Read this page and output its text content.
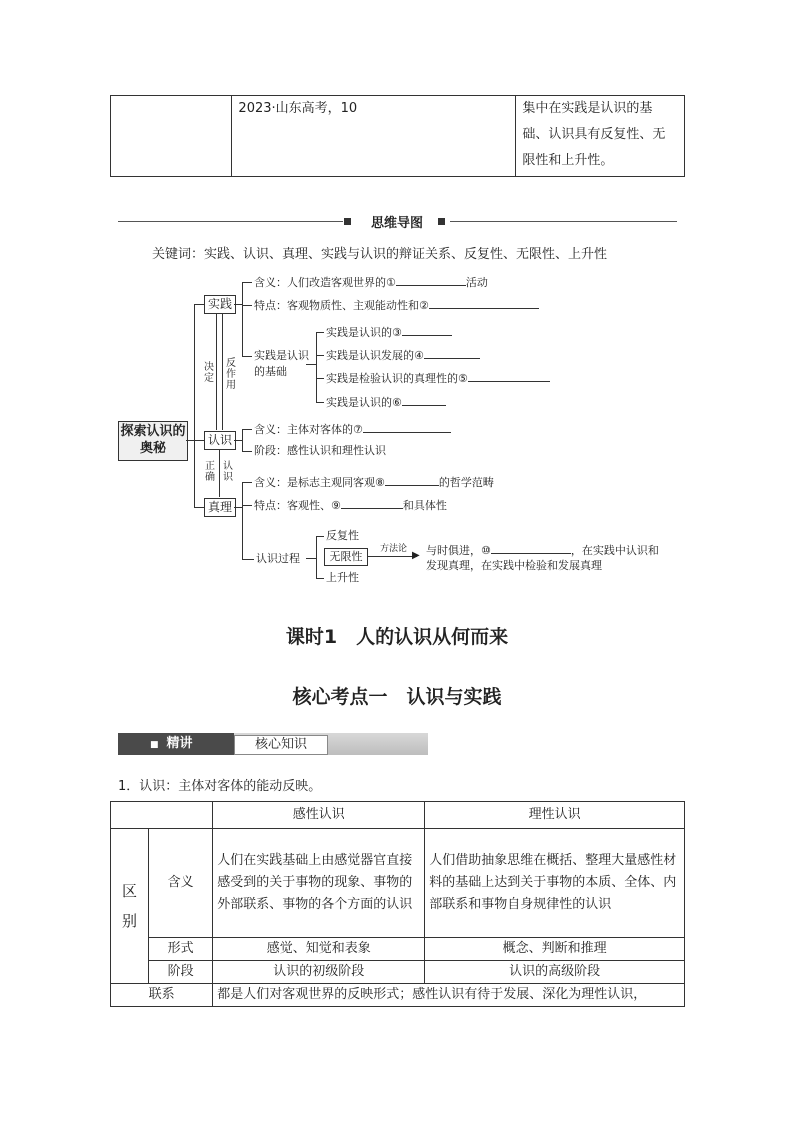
	2023·山东高考，10	集中在实践是认识的基础、认识具有反复性、无限性和上升性。
思维导图
关键词：实践、认识、真理、实践与认识的辩证关系、反复性、无限性、上升性
探索认识的奥秘
实践
认识
真理
决定
反作用
正确
认识
含义：人们改造客观世界的①	活动
特点：客观物质性、主观能动性和②
实践是认识的基础
实践是认识的③
实践是认识发展的④
实践是检验认识的真理性的⑤
实践是认识的⑥
含义：主体对客体的⑦
阶段：感性认识和理性认识
含义：是标志主观同客观⑧	的哲学范畴
特点：客观性、⑨	和具体性
认识过程
反复性
无限性
上升性
▶
方法论 与时俱进，⑩	，在实践中认识和
发现真理，在实践中检验和发展真理
课时1　人的认识从何而来
核心考点一　认识与实践
■ 精讲	核心知识
1．认识：主体对客体的能动反映。
		感性认识	理性认识
区别	含义	人们在实践基础上由感觉器官直接感受到的关于事物的现象、事物的外部联系、事物的各个方面的认识	人们借助抽象思维在概括、整理大量感性材料的基础上达到关于事物的本质、全体、内部联系和事物自身规律性的认识
	形式	感觉、知觉和表象	概念、判断和推理
	阶段	认识的初级阶段	认识的高级阶段
联系		都是人们对客观世界的反映形式；感性认识有待于发展、深化为理性认识，	
